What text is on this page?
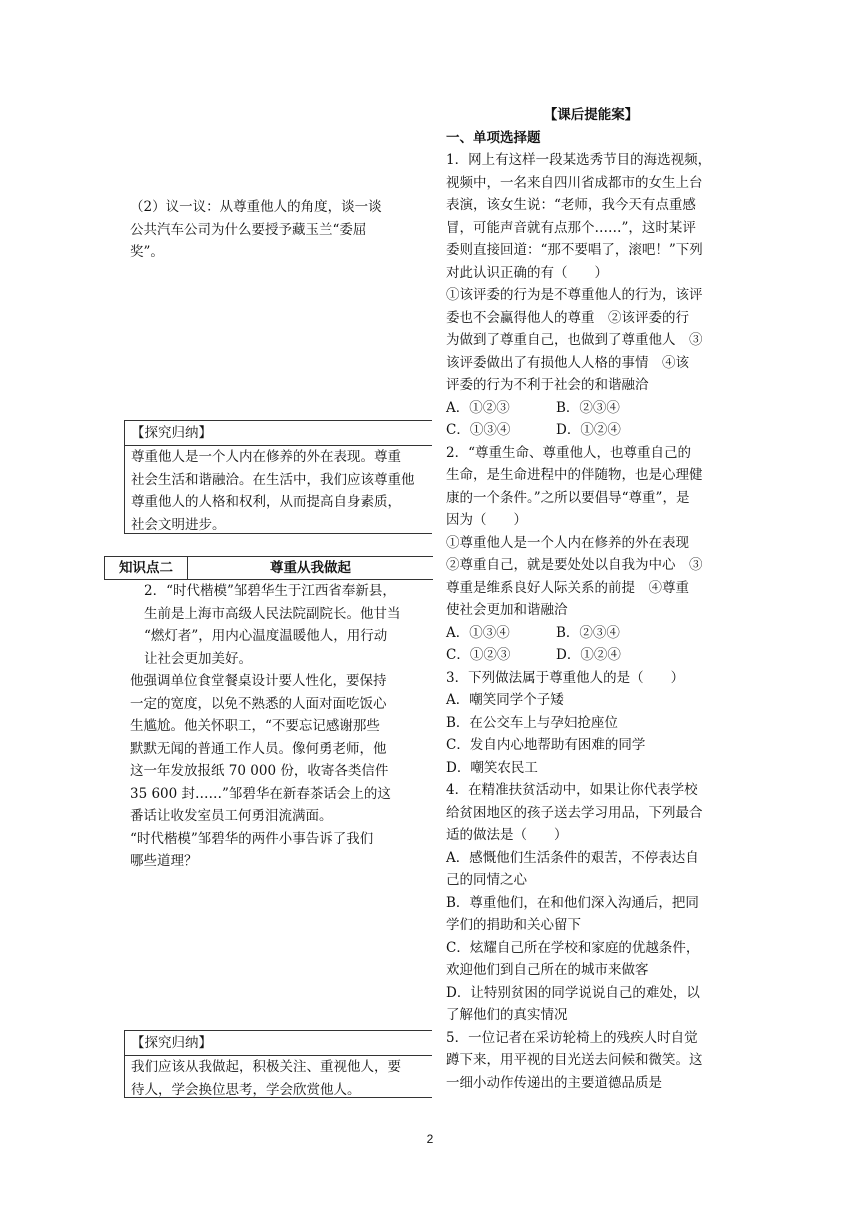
（2）议一议：从尊重他人的角度，谈一谈

公共汽车公司为什么要授予藏玉兰“委屈

奖”。

【探究归纳】
尊重他人是一个人内在修养的外在表现。尊重
社会生活和谐融洽。在生活中，我们应该尊重他
尊重他人的人格和权利，从而提高自身素质，
社会文明进步。
知识点二	尊重从我做起

2．“时代楷模”邹碧华生于江西省奉新县，

生前是上海市高级人民法院副院长。他甘当

“燃灯者”，用内心温度温暖他人，用行动

让社会更加美好。

他强调单位食堂餐桌设计要人性化，要保持

一定的宽度，以免不熟悉的人面对面吃饭心

生尴尬。他关怀职工，“不要忘记感谢那些

默默无闻的普通工作人员。像何勇老师，他

这一年发放报纸 70 000 份，收寄各类信件

35 600 封……”邹碧华在新春茶话会上的这

番话让收发室员工何勇泪流满面。

“时代楷模”邹碧华的两件小事告诉了我们

哪些道理？

【探究归纳】
我们应该从我做起，积极关注、重视他人，要
待人，学会换位思考，学会欣赏他人。

【课后提能案】

一、单项选择题

1．网上有这样一段某选秀节目的海选视频，

视频中，一名来自四川省成都市的女生上台

表演，该女生说：“老师，我今天有点重感

冒，可能声音就有点那个……”，这时某评

委则直接回道：“那不要唱了，滚吧！”下列

对此认识正确的有（　　）

①该评委的行为是不尊重他人的行为，该评

委也不会赢得他人的尊重　②该评委的行

为做到了尊重自己，也做到了尊重他人　③

该评委做出了有损他人人格的事情　④该

评委的行为不利于社会的和谐融洽

A．①②③	B．②③④
C．①③④	D．①②④

2．“尊重生命、尊重他人，也尊重自己的

生命，是生命进程中的伴随物，也是心理健

康的一个条件。”之所以要倡导“尊重”，是

因为（　　）

①尊重他人是一个人内在修养的外在表现

②尊重自己，就是要处处以自我为中心　③

尊重是维系良好人际关系的前提　④尊重

使社会更加和谐融洽

A．①③④	B．②③④
C．①②③	D．①②④

3．下列做法属于尊重他人的是（　　）

A．嘲笑同学个子矮

B．在公交车上与孕妇抢座位

C．发自内心地帮助有困难的同学

D．嘲笑农民工

4．在精准扶贫活动中，如果让你代表学校

给贫困地区的孩子送去学习用品，下列最合

适的做法是（　　）

A．感慨他们生活条件的艰苦，不停表达自

己的同情之心

B．尊重他们，在和他们深入沟通后，把同

学们的捐助和关心留下

C．炫耀自己所在学校和家庭的优越条件，

欢迎他们到自己所在的城市来做客

D．让特别贫困的同学说说自己的难处，以

了解他们的真实情况

5．一位记者在采访轮椅上的残疾人时自觉

蹲下来，用平视的目光送去问候和微笑。这

一细小动作传递出的主要道德品质是

2
